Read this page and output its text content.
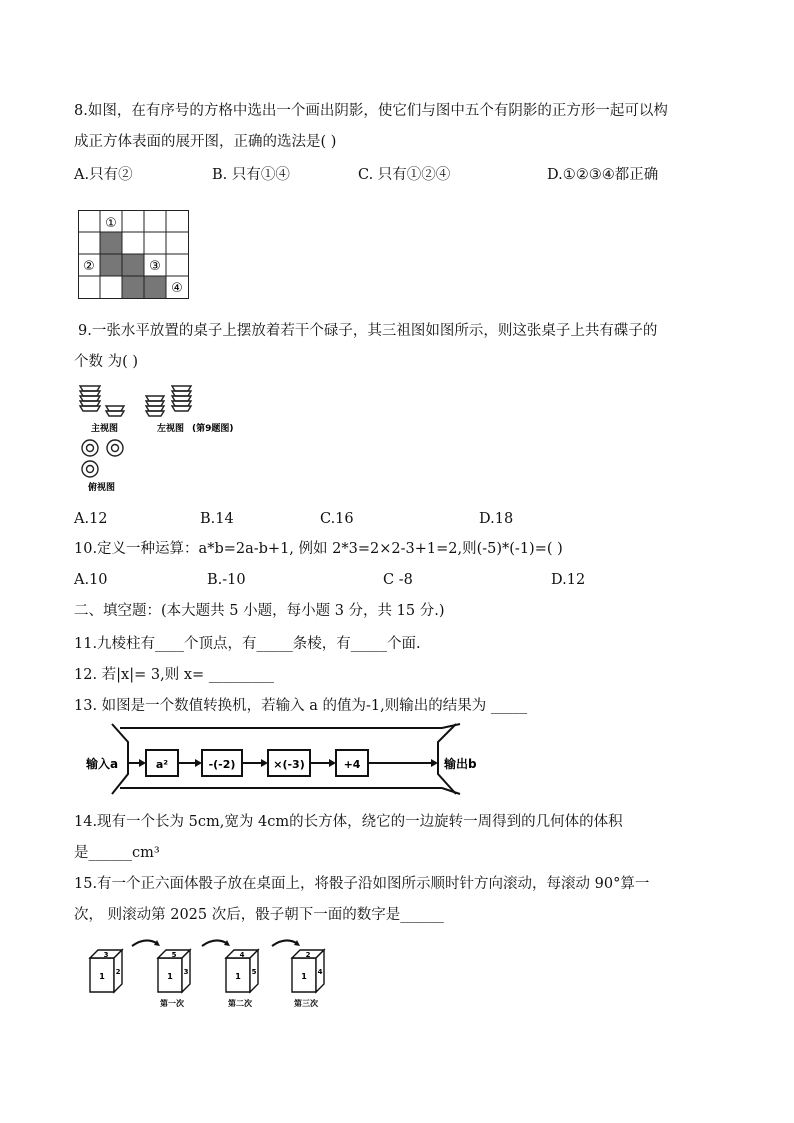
8.如图，在有序号的方格中选出一个画出阴影，使它们与图中五个有阴影的正方形一起可以构
成正方体表面的展开图，正确的选法是( )
A.只有②	B. 只有①④	C. 只有①②④	D.①②③④都正确
①
②	③
④
9.一张水平放置的桌子上摆放着若干个碌子，其三祖图如图所示，则这张桌子上共有碟子的
个数 为( )
主视图	左视图 (第9题图)
俯视图
A.12	B.14	C.16	D.18
10.定义一种运算：a*b=2a-b+1, 例如 2*3=2×2-3+1=2,则(-5)*(-1)=( )
A.10	B.-10	C -8	D.12
二、填空题：(本大题共 5 小题，每小题 3 分，共 15 分.)
11.九棱柱有____个顶点，有_____条棱，有_____个面.
12. 若|x|= 3,则 x= _________
13. 如图是一个数值转换机，若输入 a 的值为-1,则输出的结果为 _____
输入a	a²	-(-2)	×(-3)	+4	输出b
14.现有一个长为 5cm,宽为 4cm的长方体，绕它的一边旋转一周得到的几何体的体积
是______cm³
15.有一个正六面体骰子放在桌面上，将骰子沿如图所示顺时针方向滚动，每滚动 90°算一
次， 则滚动第 2025 次后，骰子朝下一面的数字是______
3
1 2
5
1 3
第一次
4
1 5
第二次
2
1 4
第三次
